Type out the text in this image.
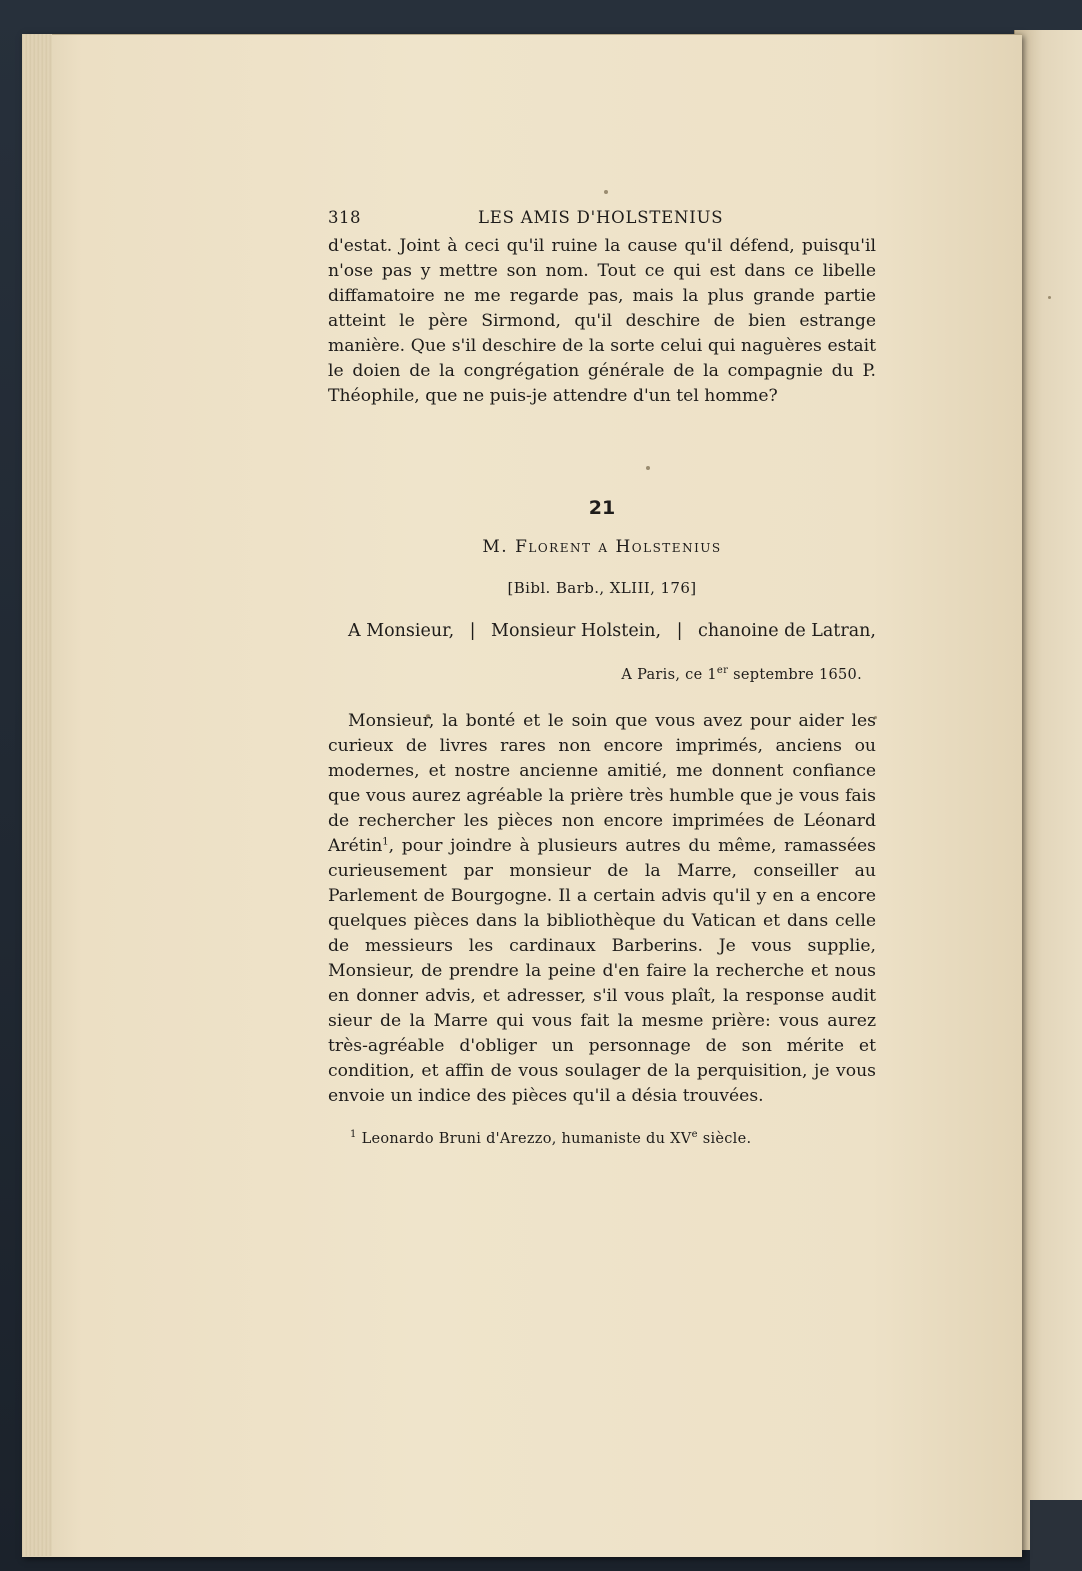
318	LES AMIS D'HOLSTENIUS

d'estat. Joint à ceci qu'il ruine la cause qu'il défend, puisqu'il n'ose pas y mettre son nom. Tout ce qui est dans ce libelle diffamatoire ne me regarde pas, mais la plus grande partie atteint le père Sirmond, qu'il deschire de bien estrange manière. Que s'il deschire de la sorte celui qui naguères estait le doien de la congrégation générale de la compagnie du P. Théophile, que ne puis-je attendre d'un tel homme?

21
M. Florent a Holstenius
[Bibl. Barb., XLIII, 176]
A Monsieur, | Monsieur Holstein, | chanoine de Latran,
A Paris, ce 1er septembre 1650.

Monsieur, la bonté et le soin que vous avez pour aider les curieux de livres rares non encore imprimés, anciens ou modernes, et nostre ancienne amitié, me donnent confiance que vous aurez agréable la prière très humble que je vous fais de rechercher les pièces non encore imprimées de Léonard Arétin$^1$, pour joindre à plusieurs autres du même, ramassées curieusement par monsieur de la Marre, conseiller au Parlement de Bourgogne. Il a certain advis qu'il y en a encore quelques pièces dans la bibliothèque du Vatican et dans celle de messieurs les cardinaux Barberins. Je vous supplie, Monsieur, de prendre la peine d'en faire la recherche et nous en donner advis, et adresser, s'il vous plaît, la response audit sieur de la Marre qui vous fait la mesme prière: vous aurez très-agréable d'obliger un personnage de son mérite et condition, et affin de vous soulager de la perquisition, je vous envoie un indice des pièces qu'il a désia trouvées.

$^1$ Leonardo Bruni d'Arezzo, humaniste du XVe siècle.
